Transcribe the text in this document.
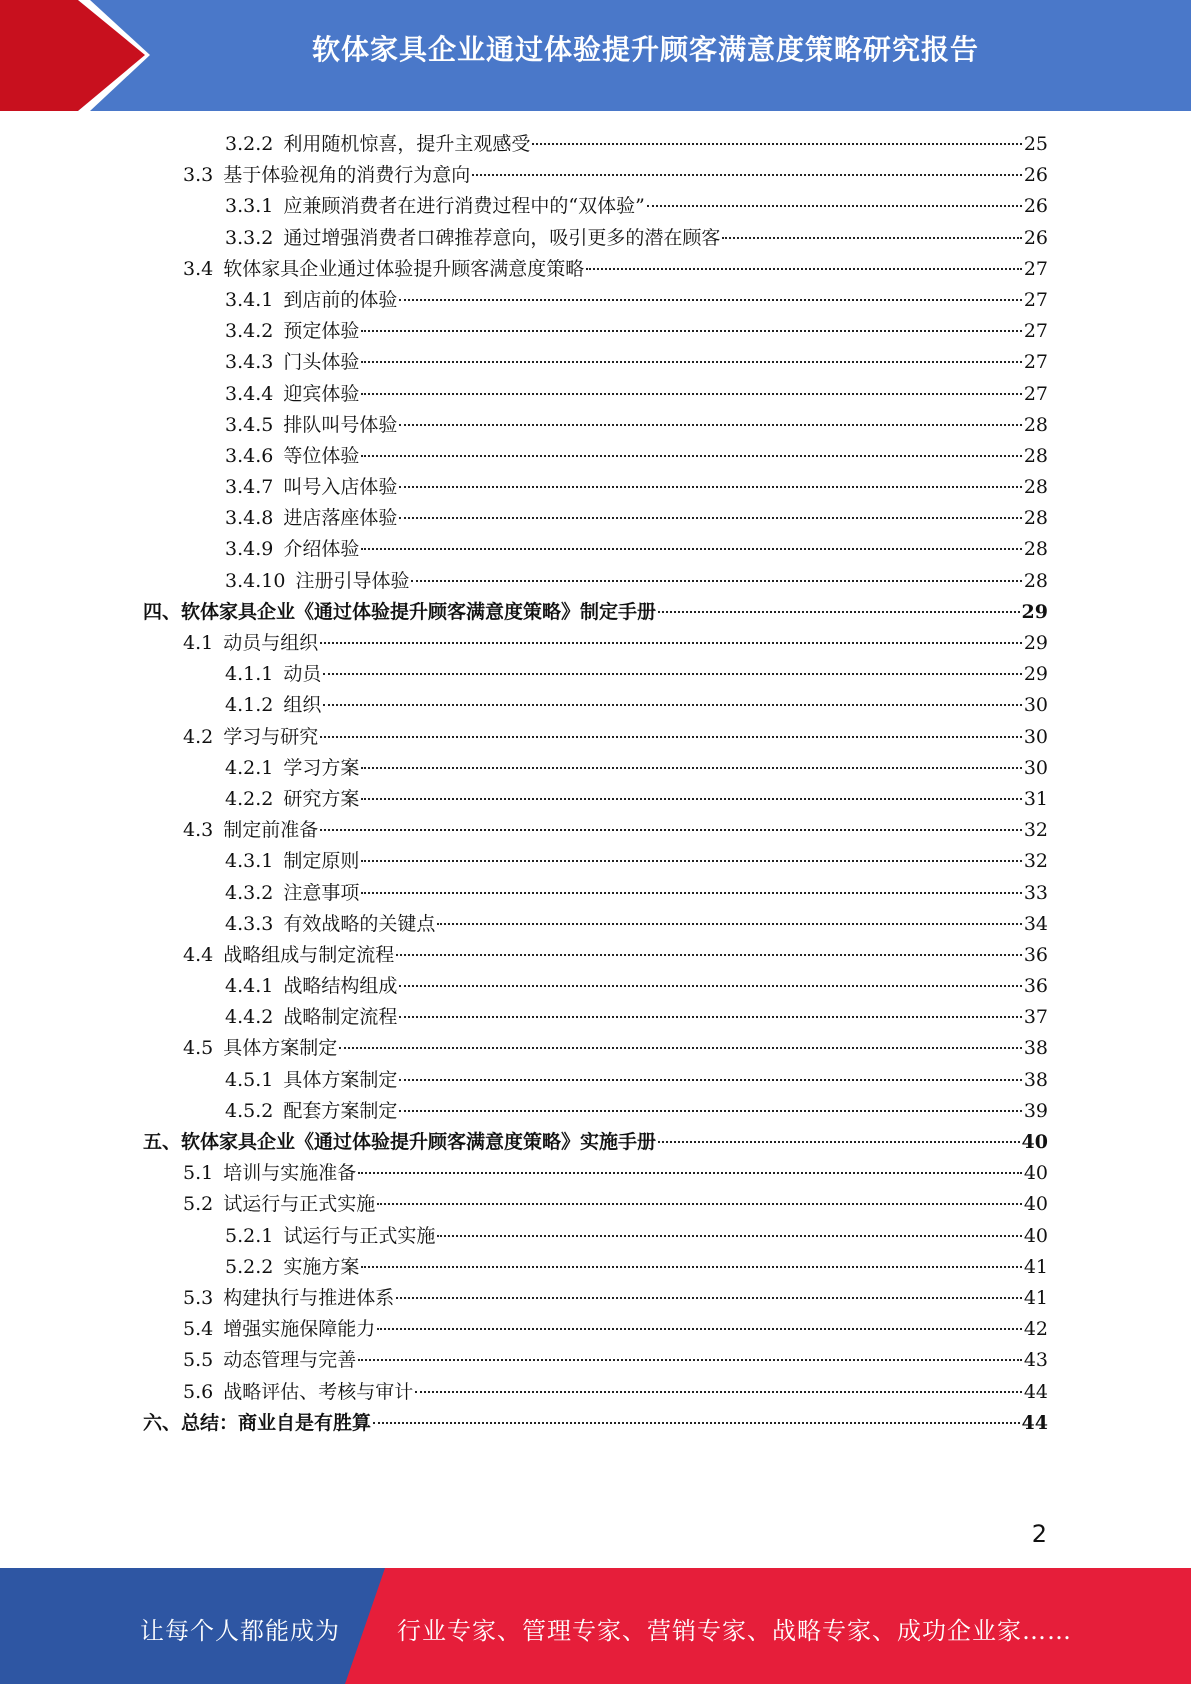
软体家具企业通过体验提升顾客满意度策略研究报告
3.2.2 利用随机惊喜，提升主观感受	25
3.3 基于体验视角的消费行为意向	26
3.3.1 应兼顾消费者在进行消费过程中的“双体验”	26
3.3.2 通过增强消费者口碑推荐意向，吸引更多的潜在顾客	26
3.4 软体家具企业通过体验提升顾客满意度策略	27
3.4.1 到店前的体验	27
3.4.2 预定体验	27
3.4.3 门头体验	27
3.4.4 迎宾体验	27
3.4.5 排队叫号体验	28
3.4.6 等位体验	28
3.4.7 叫号入店体验	28
3.4.8 进店落座体验	28
3.4.9 介绍体验	28
3.4.10 注册引导体验	28
四、软体家具企业《通过体验提升顾客满意度策略》制定手册	29
4.1 动员与组织	29
4.1.1 动员	29
4.1.2 组织	30
4.2 学习与研究	30
4.2.1 学习方案	30
4.2.2 研究方案	31
4.3 制定前准备	32
4.3.1 制定原则	32
4.3.2 注意事项	33
4.3.3 有效战略的关键点	34
4.4 战略组成与制定流程	36
4.4.1 战略结构组成	36
4.4.2 战略制定流程	37
4.5 具体方案制定	38
4.5.1 具体方案制定	38
4.5.2 配套方案制定	39
五、软体家具企业《通过体验提升顾客满意度策略》实施手册	40
5.1 培训与实施准备	40
5.2 试运行与正式实施	40
5.2.1 试运行与正式实施	40
5.2.2 实施方案	41
5.3 构建执行与推进体系	41
5.4 增强实施保障能力	42
5.5 动态管理与完善	43
5.6 战略评估、考核与审计	44
六、总结：商业自是有胜算	44
2
让每个人都能成为 行业专家、管理专家、营销专家、战略专家、成功企业家……
